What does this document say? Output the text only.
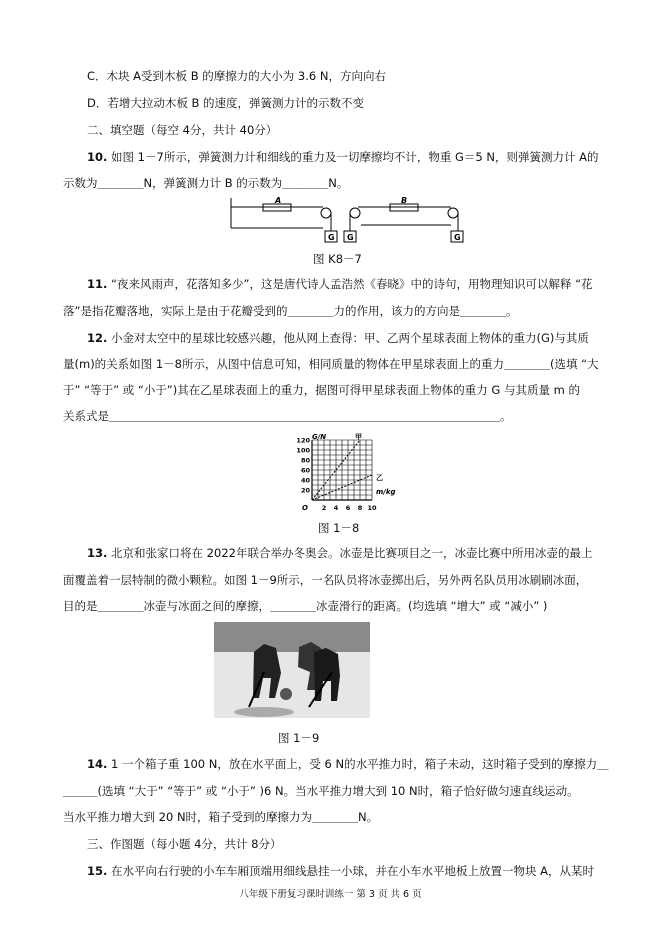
C．木块 A受到木板 B 的摩擦力的大小为 3.6 N，方向向右
D．若增大拉动木板 B 的速度，弹簧测力计的示数不变
二、填空题（每空 4分，共计 40分）
10. 如图 1－7所示，弹簧测力计和细线的重力及一切摩擦均不计，物重 G＝5 N，则弹簧测力计 A的
示数为＿＿＿＿N，弹簧测力计 B 的示数为＿＿＿＿N。
A	B
G G	G
图 K8－7
11. “夜来风雨声，花落知多少”，这是唐代诗人孟浩然《春晓》中的诗句，用物理知识可以解释 “花
落”是指花瓣落地，实际上是由于花瓣受到的＿＿＿＿力的作用，该力的方向是＿＿＿＿。
12. 小金对太空中的星球比较感兴趣，他从网上查得：甲、乙两个星球表面上物体的重力(G)与其质
量(m)的关系如图 1－8所示，从图中信息可知，相同质量的物体在甲星球表面上的重力＿＿＿＿(选填 “大
于” “等于” 或 “小于”)其在乙星球表面上的重力，据图可得甲星球表面上物体的重力 G 与其质量 m 的
关系式是＿＿＿＿＿＿＿＿＿＿＿＿＿＿＿＿＿＿＿＿＿＿＿＿＿＿＿＿＿＿＿＿＿＿。
G/N
m/kg
O
甲
乙
120
100
80
60
40
20
2 4 6 8 10
图 1－8
13. 北京和张家口将在 2022年联合举办冬奥会。冰壶是比赛项目之一，冰壶比赛中所用冰壶的最上
面覆盖着一层特制的微小颗粒。如图 1－9所示，一名队员将冰壶掷出后，另外两名队员用冰刷刷冰面，
目的是＿＿＿＿冰壶与冰面之间的摩擦，＿＿＿＿冰壶滑行的距离。(均选填 “增大” 或 “减小” )
图 1－9
14. 1 一个箱子重 100 N，放在水平面上，受 6 N的水平推力时，箱子未动，这时箱子受到的摩擦力＿
＿＿＿(选填 “大于” “等于” 或 “小于” )6 N。当水平推力增大到 10 N时，箱子恰好做匀速直线运动。
当水平推力增大到 20 N时，箱子受到的摩擦力为＿＿＿＿N。
三、作图题（每小题 4分，共计 8分）
15. 在水平向右行驶的小车车厢顶端用细线悬挂一小球，并在小车水平地板上放置一物块 A，从某时
八年级下册复习课时训练一 第 3 页 共 6 页
